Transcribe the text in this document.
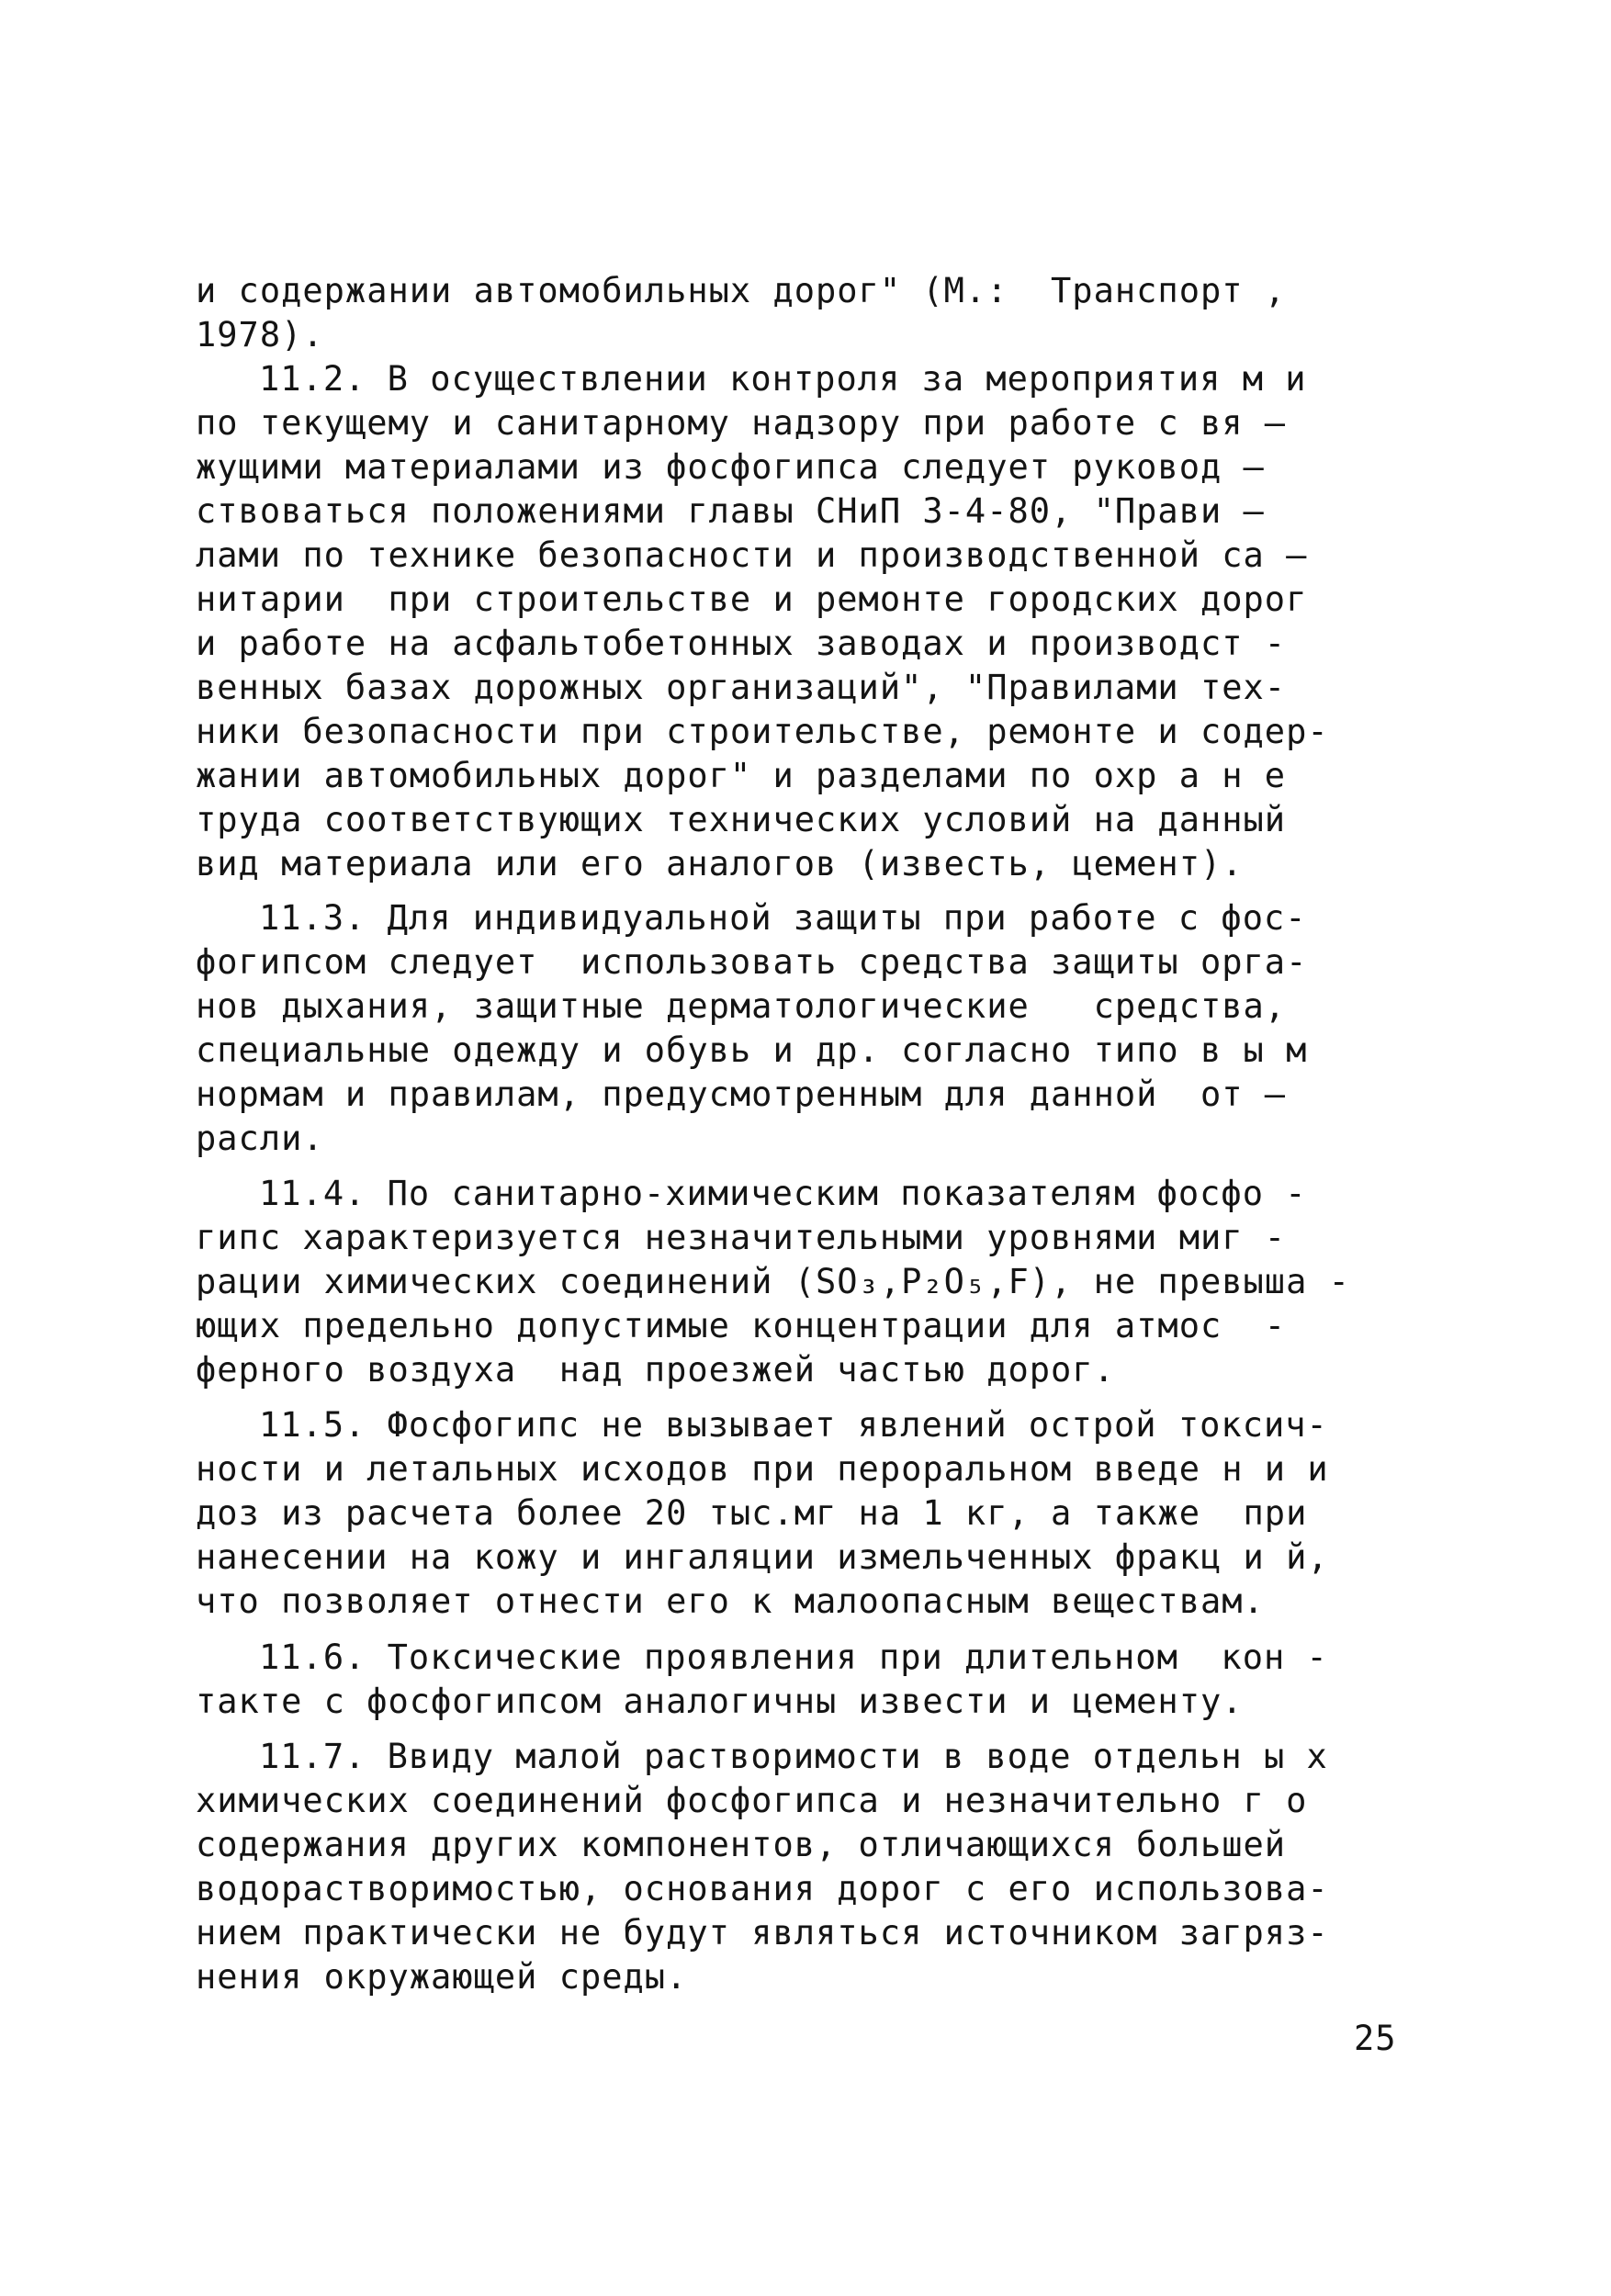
и содержании автомобильных дорог" (М.:  Транспорт ,
1978).
11.2. В осуществлении контроля за мероприятия м и
по текущему и санитарному надзору при работе с вя –
жущими материалами из фосфогипса следует руковод –
ствоваться положениями главы СНиП 3-4-80, "Прави –
лами по технике безопасности и производственной са –
нитарии  при строительстве и ремонте городских дорог
и работе на асфальтобетонных заводах и производст -
венных базах дорожных организаций", "Правилами тех-
ники безопасности при строительстве, ремонте и содер-
жании автомобильных дорог" и разделами по охр а н е
труда соответствующих технических условий на данный
вид материала или его аналогов (известь, цемент).
11.3. Для индивидуальной защиты при работе с фос-
фогипсом следует  использовать средства защиты орга-
нов дыхания, защитные дерматологические   средства,
специальные одежду и обувь и др. согласно типо в ы м
нормам и правилам, предусмотренным для данной  от –
расли.
11.4. По санитарно-химическим показателям фосфо -
гипс характеризуется незначительными уровнями миг -
рации химических соединений (SO₃,P₂O₅,F), не превыша -
ющих предельно допустимые концентрации для атмос  -
ферного воздуха  над проезжей частью дорог.
11.5. Фосфогипс не вызывает явлений острой токсич-
ности и летальных исходов при пероральном введе н и и
доз из расчета более 20 тыс.мг на 1 кг, а также  при
нанесении на кожу и ингаляции измельченных фракц и й,
что позволяет отнести его к малоопасным веществам.
11.6. Токсические проявления при длительном  кон -
такте с фосфогипсом аналогичны извести и цементу.
11.7. Ввиду малой растворимости в воде отдельн ы х
химических соединений фосфогипса и незначительно г о
содержания других компонентов, отличающихся большей
водорастворимостью, основания дорог с его использова-
нием практически не будут являться источником загряз-
нения окружающей среды.
25
